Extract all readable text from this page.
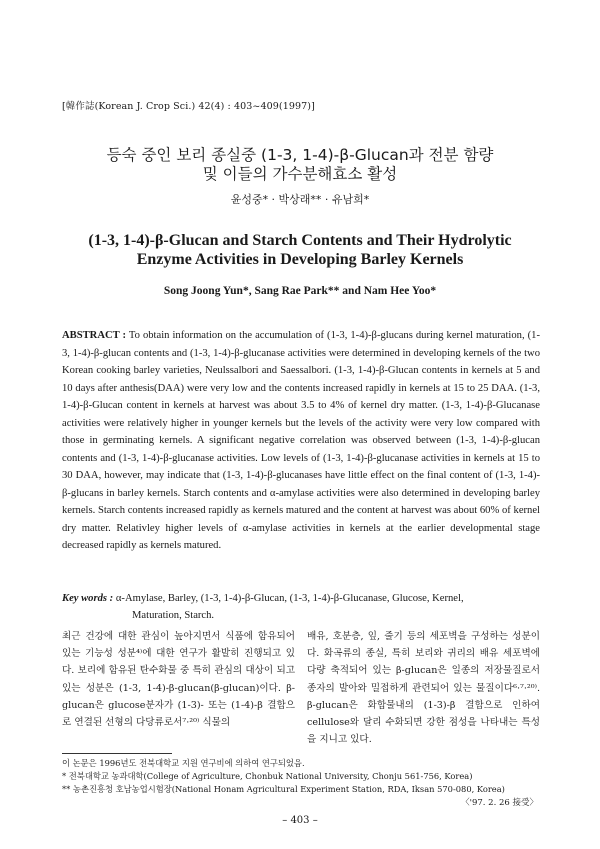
[韓作誌(Korean J. Crop Sci.) 42(4) : 403~409(1997)]
등숙 중인 보리 종실중 (1-3, 1-4)-β-Glucan과 전분 함량
및 이들의 가수분해효소 활성
윤성중* · 박상래** · 유남희*
(1-3, 1-4)-β-Glucan and Starch Contents and Their Hydrolytic
Enzyme Activities in Developing Barley Kernels
Song Joong Yun*, Sang Rae Park** and Nam Hee Yoo*
ABSTRACT : To obtain information on the accumulation of (1-3, 1-4)-β-glucans during kernel maturation, (1-3, 1-4)-β-glucan contents and (1-3, 1-4)-β-glucanase activities were determined in developing kernels of the two Korean cooking barley varieties, Neulssalbori and Saessalbori. (1-3, 1-4)-β-Glucan contents in kernels at 5 and 10 days after anthesis(DAA) were very low and the contents increased rapidly in kernels at 15 to 25 DAA. (1-3, 1-4)-β-Glucan content in kernels at harvest was about 3.5 to 4% of kernel dry matter. (1-3, 1-4)-β-Glucanase activities were relatively higher in younger kernels but the levels of the activity were very low compared with those in germinating kernels. A significant negative correlation was observed between (1-3, 1-4)-β-glucan contents and (1-3, 1-4)-β-glucanase activities. Low levels of (1-3, 1-4)-β-glucanase activities in kernels at 15 to 30 DAA, however, may indicate that (1-3, 1-4)-β-glucanases have little effect on the final content of (1-3, 1-4)-β-glucans in barley kernels. Starch contents and α-amylase activities were also determined in developing barley kernels. Starch contents increased rapidly as kernels matured and the content at harvest was about 60% of kernel dry matter. Relativley higher levels of α-amylase activities in kernels at the earlier developmental stage decreased rapidly as kernels matured.
Key words : α-Amylase, Barley, (1-3, 1-4)-β-Glucan, (1-3, 1-4)-β-Glucanase, Glucose, Kernel,
Maturation, Starch.
최근 건강에 대한 관심이 높아지면서 식품에 함유되어 있는 기능성 성분⁴⁾에 대한 연구가 활발히 진행되고 있다. 보리에 함유된 탄수화물 중 특히 관심의 대상이 되고 있는 성분은 (1-3, 1-4)-β-glucan(β-glucan)이다. β-glucan은 glucose분자가 (1-3)- 또는 (1-4)-β 결합으로 연결된 선형의 다당류로서⁷·²⁰⁾ 식물의
배유, 호분층, 잎, 줄기 등의 세포벽을 구성하는 성분이다. 화곡류의 종실, 특히 보리와 귀리의 배유 세포벽에 다량 축적되어 있는 β-glucan은 일종의 저장물질로서 종자의 발아와 밀접하게 관련되어 있는 물질이다⁶·⁷·²⁰⁾. β-glucan은 화합물내의 (1-3)-β 결합으로 인하여 cellulose와 달리 수화되면 강한 점성을 나타내는 특성을 지니고 있다.
이 논문은 1996년도 전북대학교 지원 연구비에 의하여 연구되었음.
* 전북대학교 농과대학(College of Agriculture, Chonbuk National University, Chonju 561-756, Korea)
** 농촌진흥청 호남농업시험장(National Honam Agricultural Experiment Station, RDA, Iksan 570-080, Korea)
〈'97. 2. 26 接受〉
– 403 –
